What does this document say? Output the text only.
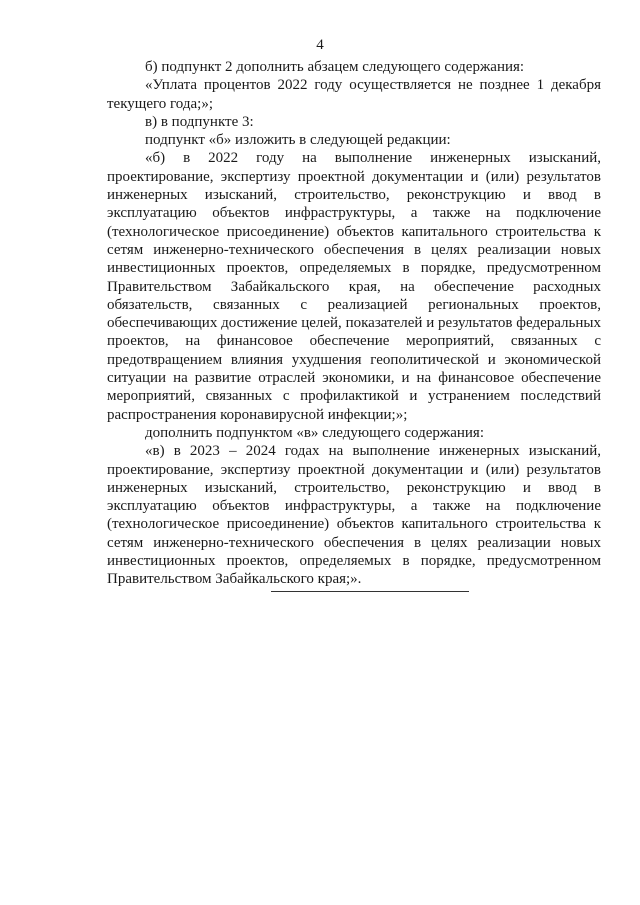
4

б) подпункт 2 дополнить абзацем следующего содержания:

«Уплата процентов 2022 году осуществляется не позднее 1 декабря текущего года;»;

в) в подпункте 3:

подпункт «б» изложить в следующей редакции:

«б) в 2022 году на выполнение инженерных изысканий, проектирование, экспертизу проектной документации и (или) результатов инженерных изысканий, строительство, реконструкцию и ввод в эксплуатацию объектов инфраструктуры, а также на подключение (технологическое присоединение) объектов капитального строительства к сетям инженерно-технического обеспечения в целях реализации новых инвестиционных проектов, определяемых в порядке, предусмотренном Правительством Забайкальского края, на обеспечение расходных обязательств, связанных с реализацией региональных проектов, обеспечивающих достижение целей, показателей и результатов федеральных проектов, на финансовое обеспечение мероприятий, связанных с предотвращением влияния ухудшения геополитической и экономической ситуации на развитие отраслей экономики, и на финансовое обеспечение мероприятий, связанных с профилактикой и устранением последствий распространения коронавирусной инфекции;»;

дополнить подпунктом «в» следующего содержания:

«в) в 2023 – 2024 годах на выполнение инженерных изысканий, проектирование, экспертизу проектной документации и (или) результатов инженерных изысканий, строительство, реконструкцию и ввод в эксплуатацию объектов инфраструктуры, а также на подключение (технологическое присоединение) объектов капитального строительства к сетям инженерно-технического обеспечения в целях реализации новых инвестиционных проектов, определяемых в порядке, предусмотренном Правительством Забайкальского края;».
